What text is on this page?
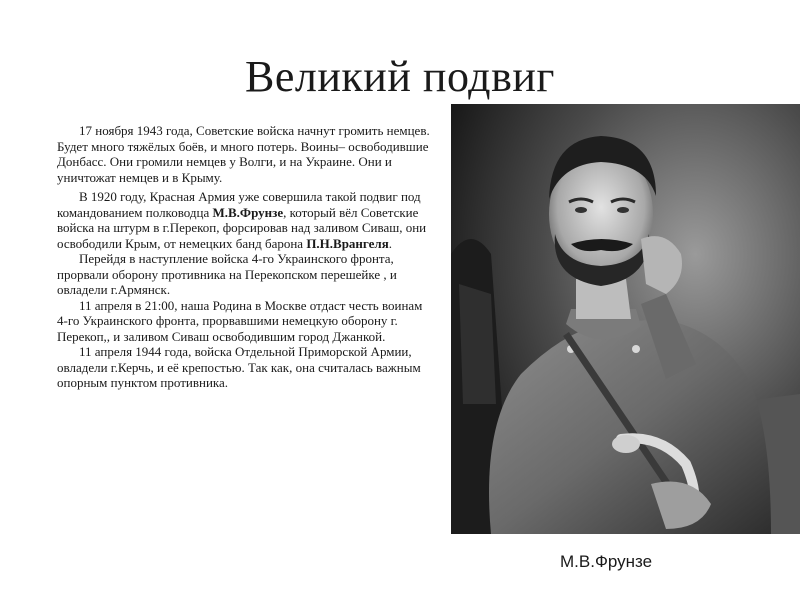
Великий подвиг

17 ноября 1943 года, Советские войска начнут громить немцев. Будет много тяжёлых боёв, и много потерь. Воины– освободившие Донбасс. Они громили немцев у Волги, и на Украине. Они и уничтожат немцев и в Крыму.

В 1920 году, Красная Армия уже совершила такой подвиг под командованием полководца М.В.Фрунзе, который вёл Советские войска на штурм в г.Перекоп, форсировав над заливом Сиваш, они освободили Крым, от немецких банд барона П.Н.Врангеля.

Перейдя в наступление войска 4-го Украинского фронта, прорвали оборону противника на Перекопском перешейке , и овладели г.Армянск.

11 апреля в 21:00, наша Родина в Москве отдаст честь воинам 4-го Украинского фронта, прорвавшими немецкую оборону г. Перекоп,, и заливом Сиваш освободившим город Джанкой.

11 апреля 1944 года, войска Отдельной Приморской Армии, овладели г.Керчь, и её крепостью. Так как, она считалась важным опорным пунктом противника.

М.В.Фрунзе
